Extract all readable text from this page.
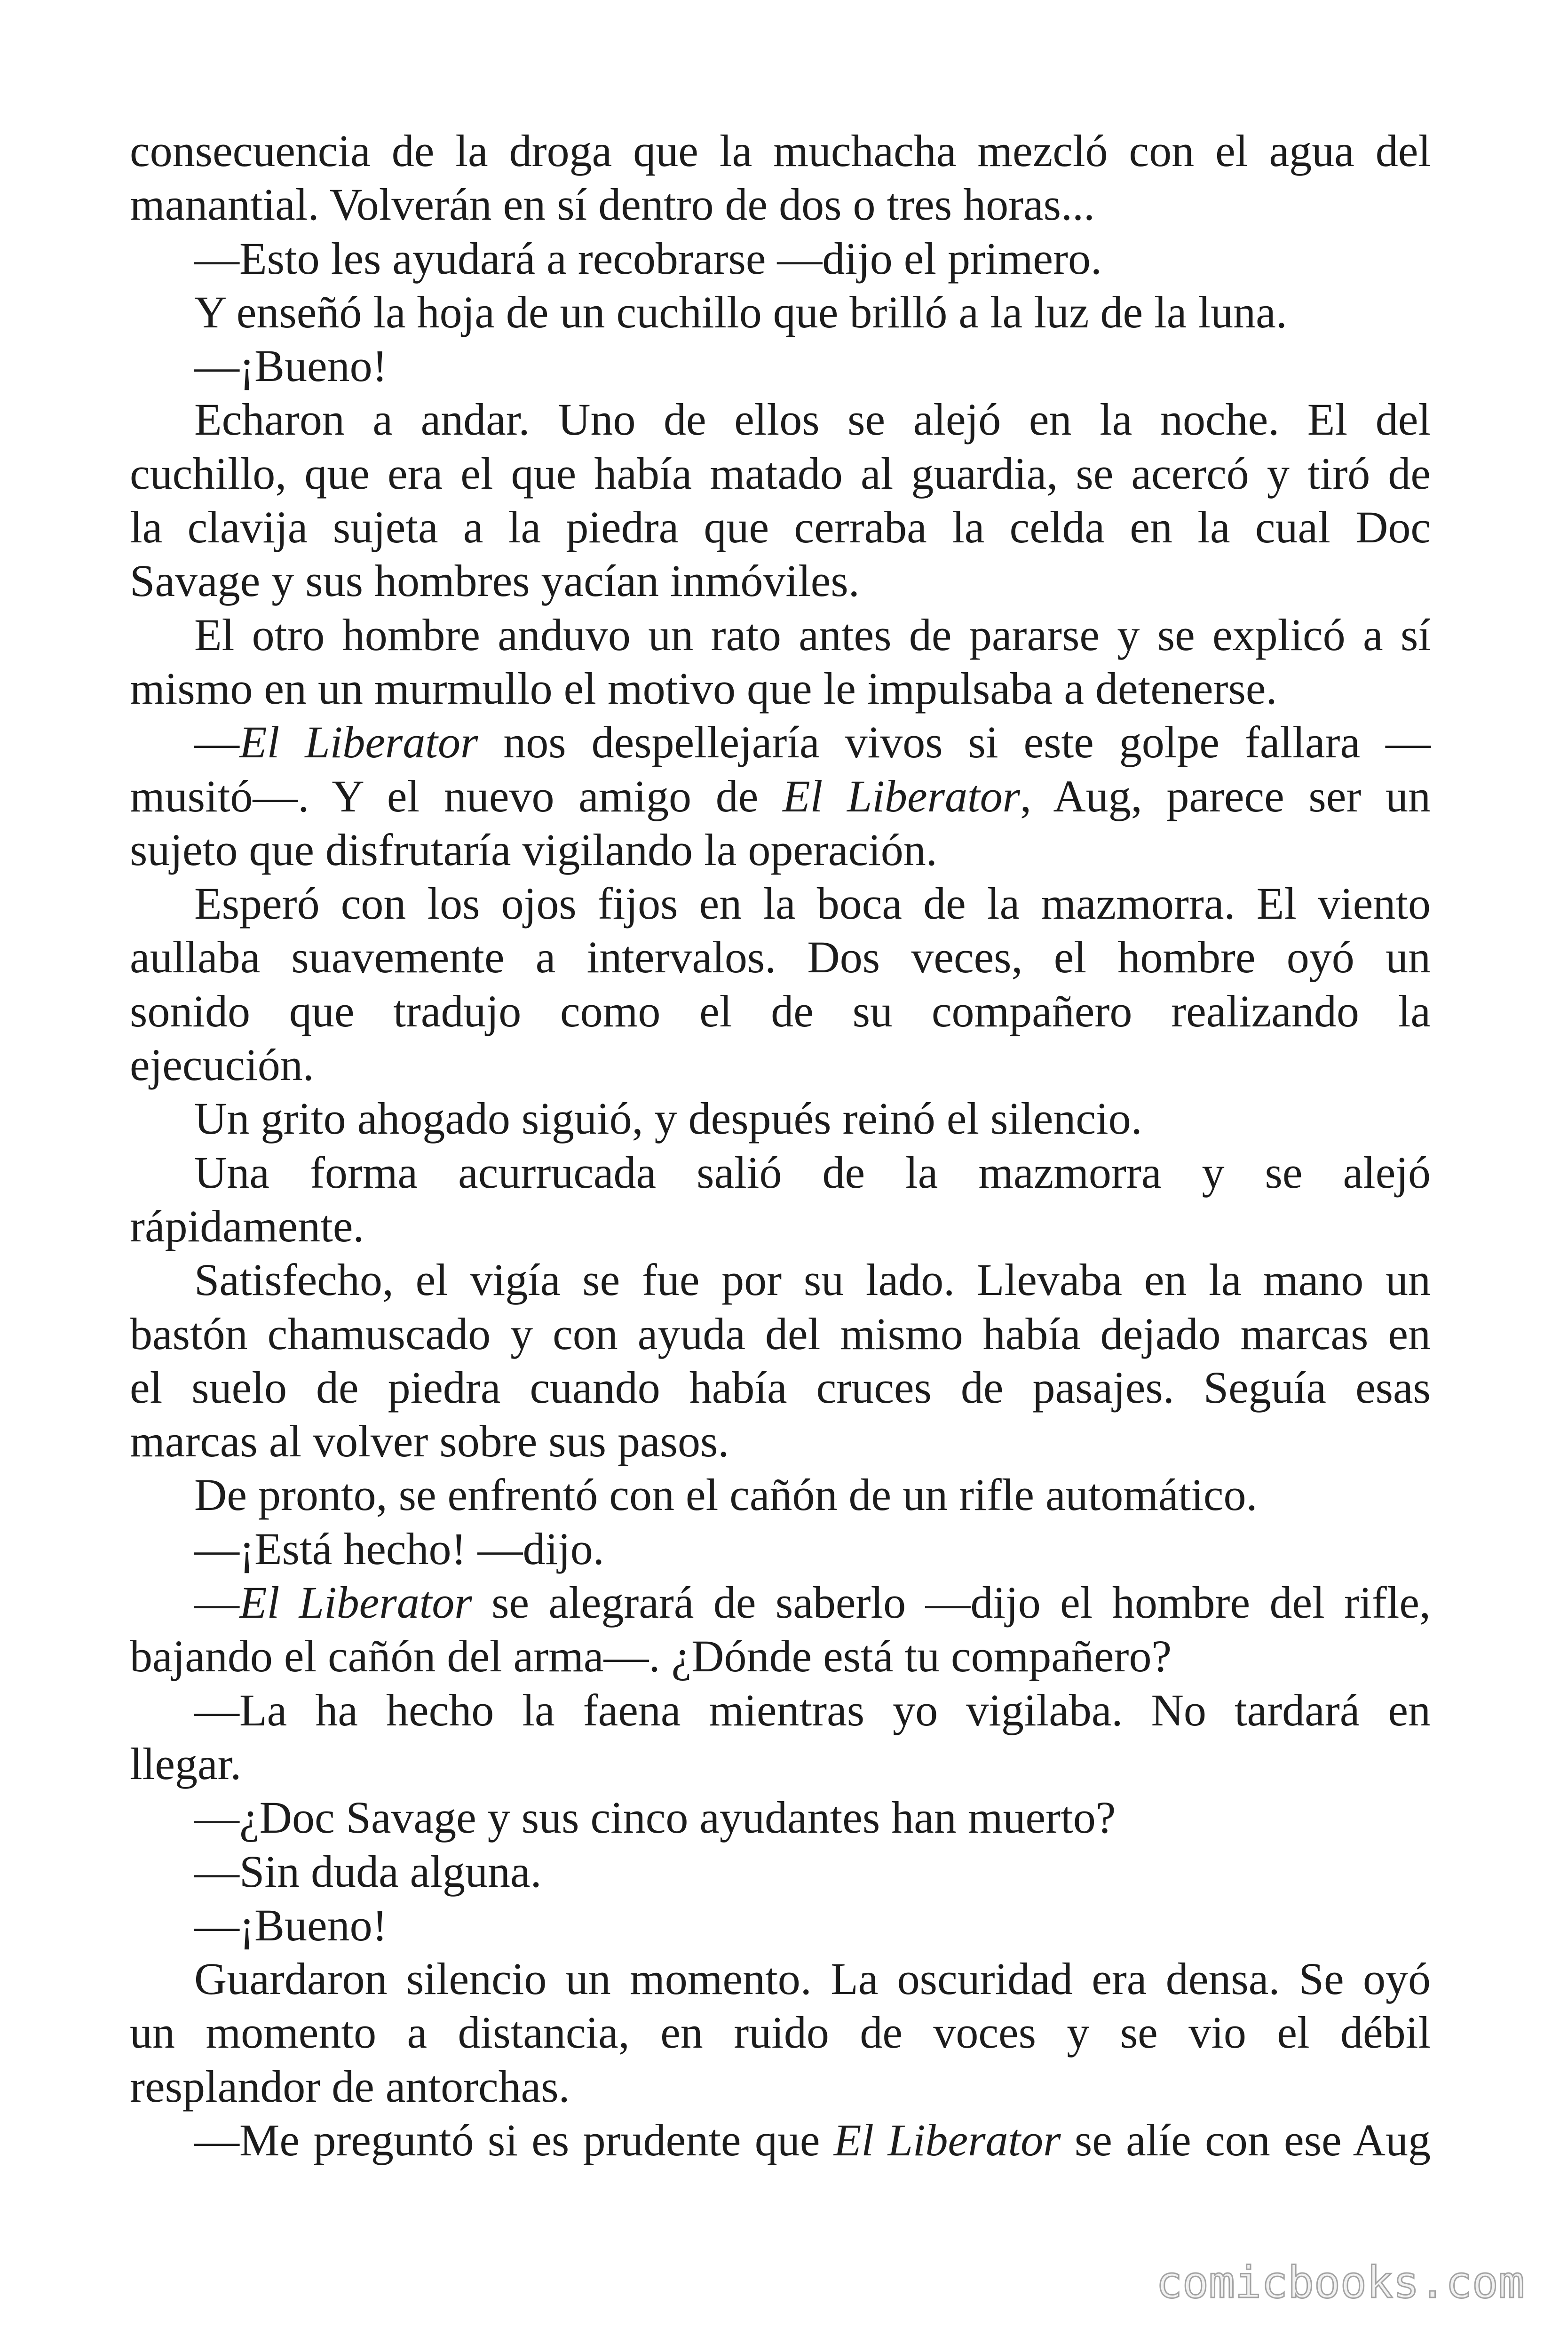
consecuencia de la droga que la muchacha mezcló con el agua del
manantial. Volverán en sí dentro de dos o tres horas...
—Esto les ayudará a recobrarse —dijo el primero.
Y enseñó la hoja de un cuchillo que brilló a la luz de la luna.
—¡Bueno!
Echaron a andar. Uno de ellos se alejó en la noche. El del
cuchillo, que era el que había matado al guardia, se acercó y tiró de
la clavija sujeta a la piedra que cerraba la celda en la cual Doc
Savage y sus hombres yacían inmóviles.
El otro hombre anduvo un rato antes de pararse y se explicó a sí
mismo en un murmullo el motivo que le impulsaba a detenerse.
—El Liberator nos despellejaría vivos si este golpe fallara —
musitó—. Y el nuevo amigo de El Liberator, Aug, parece ser un
sujeto que disfrutaría vigilando la operación.
Esperó con los ojos fijos en la boca de la mazmorra. El viento
aullaba suavemente a intervalos. Dos veces, el hombre oyó un
sonido que tradujo como el de su compañero realizando la
ejecución.
Un grito ahogado siguió, y después reinó el silencio.
Una forma acurrucada salió de la mazmorra y se alejó
rápidamente.
Satisfecho, el vigía se fue por su lado. Llevaba en la mano un
bastón chamuscado y con ayuda del mismo había dejado marcas en
el suelo de piedra cuando había cruces de pasajes. Seguía esas
marcas al volver sobre sus pasos.
De pronto, se enfrentó con el cañón de un rifle automático.
—¡Está hecho! —dijo.
—El Liberator se alegrará de saberlo —dijo el hombre del rifle,
bajando el cañón del arma—. ¿Dónde está tu compañero?
—La ha hecho la faena mientras yo vigilaba. No tardará en
llegar.
—¿Doc Savage y sus cinco ayudantes han muerto?
—Sin duda alguna.
—¡Bueno!
Guardaron silencio un momento. La oscuridad era densa. Se oyó
un momento a distancia, en ruido de voces y se vio el débil
resplandor de antorchas.
—Me preguntó si es prudente que El Liberator se alíe con ese Aug
comicbooks.com
